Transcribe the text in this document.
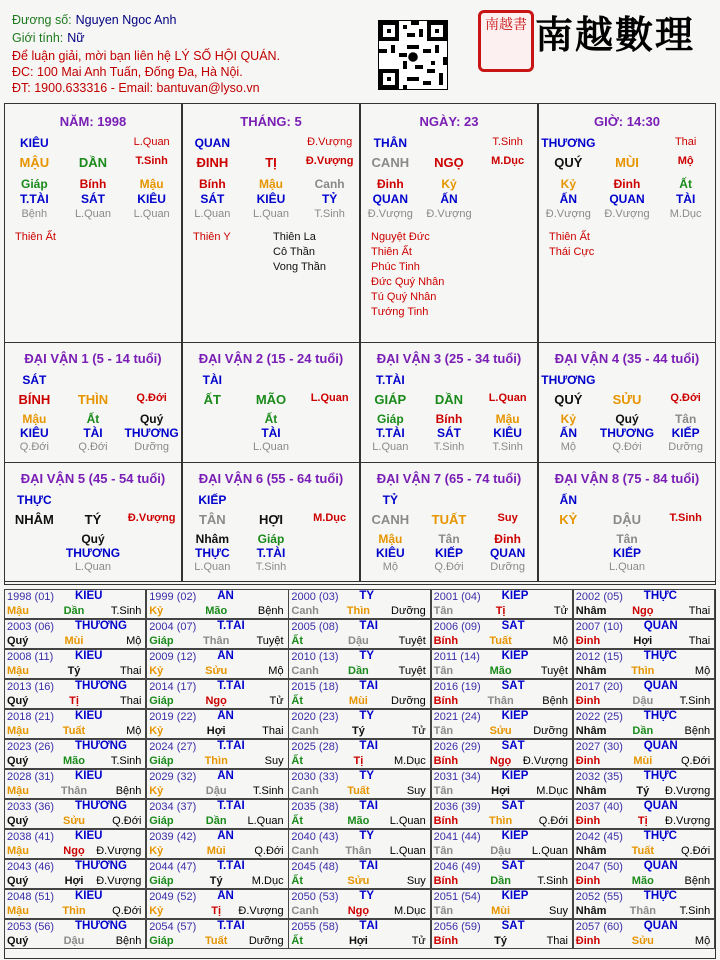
Đương số: Nguyen Ngoc Anh
Giới tính: Nữ
Để luận giải, mời bạn liên hệ LÝ SỐ HỘI QUÁN.
ĐC: 100 Mai Anh Tuấn, Đống Đa, Hà Nội.
ĐT: 1900.633316 - Email: bantuvan@lyso.vn
南越書 南越數理
NĂM: 1998
KIÊU	L.Quan
MẬU	DẦN	T.Sinh
Giáp	Bính	Mậu
T.TÀI	SÁT	KIÊU
Bệnh	L.Quan	L.Quan
Thiên Ất
THÁNG: 5
QUAN	Đ.Vượng
ĐINH	TỊ	Đ.Vượng
Bính	Mậu	Canh
SÁT	KIÊU	TỶ
L.Quan	L.Quan	T.Sinh
Thiên Y	Thiên La
Cô Thần
Vong Thần
NGÀY: 23
THÂN	T.Sinh
CANH	NGỌ	M.Dục
Đinh	Kỷ
QUAN	ẤN
Đ.Vượng	Đ.Vượng
Nguyệt Đức
Thiên Ất
Phúc Tinh
Đức Quý Nhân
Tú Quý Nhân
Tướng Tinh
GIỜ: 14:30
THƯƠNG	Thai
QUÝ	MÙI	Mộ
Kỷ	Đinh	Ất
ẤN	QUAN	TÀI
Đ.Vượng	Đ.Vượng	M.Dục
Thiên Ất
Thái Cực
ĐẠI VẬN 1 (5 - 14 tuổi)
SÁT
BÍNH	THÌN	Q.Đới
Mậu	Ất	Quý
KIÊU	TÀI	THƯƠNG
Q.Đới	Q.Đới	Dưỡng
ĐẠI VẬN 2 (15 - 24 tuổi)
TÀI
ẤT	MÃO	L.Quan
Ất
TÀI
L.Quan
ĐẠI VẬN 3 (25 - 34 tuổi)
T.TÀI
GIÁP	DẦN	L.Quan
Giáp	Bính	Mậu
T.TÀI	SÁT	KIÊU
L.Quan	T.Sinh	T.Sinh
ĐẠI VẬN 4 (35 - 44 tuổi)
THƯƠNG
QUÝ	SỬU	Q.Đới
Kỷ	Quý	Tân
ẤN	THƯƠNG	KIẾP
Mộ	Q.Đới	Dưỡng
ĐẠI VẬN 5 (45 - 54 tuổi)
THỰC
NHÂM	TÝ	Đ.Vượng
Quý
THƯƠNG
L.Quan
ĐẠI VẬN 6 (55 - 64 tuổi)
KIẾP
TÂN	HỢI	M.Dục
Nhâm	Giáp
THỰC	T.TÀI
L.Quan	T.Sinh
ĐẠI VẬN 7 (65 - 74 tuổi)
TỶ
CANH	TUẤT	Suy
Mậu	Tân	Đinh
KIÊU	KIẾP	QUAN
Mộ	Q.Đới	Dưỡng
ĐẠI VẬN 8 (75 - 84 tuổi)
ẤN
KỶ	DẬU	T.Sinh
Tân
KIẾP
L.Quan
1998 (01) KIÊU
Mậu	Dần	T.Sinh
1999 (02) ẤN
Kỷ	Mão	Bệnh
2000 (03) TỶ
Canh	Thìn	Dưỡng
2001 (04) KIẾP
Tân	Tị	Tử
2002 (05) THỰC
Nhâm	Ngọ	Thai
2003 (06) THƯƠNG
Quý	Mùi	Mộ
2004 (07) T.TÀI
Giáp	Thân	Tuyệt
2005 (08) TÀI
Ất	Dậu	Tuyệt
2006 (09) SÁT
Bính	Tuất	Mộ
2007 (10) QUAN
Đinh	Hợi	Thai
2008 (11) KIÊU
Mậu	Tý	Thai
2009 (12) ẤN
Kỷ	Sửu	Mộ
2010 (13) TỶ
Canh	Dần	Tuyệt
2011 (14) KIẾP
Tân	Mão	Tuyệt
2012 (15) THỰC
Nhâm	Thìn	Mộ
2013 (16) THƯƠNG
Quý	Tị	Thai
2014 (17) T.TÀI
Giáp	Ngọ	Tử
2015 (18) TÀI
Ất	Mùi	Dưỡng
2016 (19) SÁT
Bính	Thân	Bệnh
2017 (20) QUAN
Đinh	Dậu	T.Sinh
2018 (21) KIÊU
Mậu	Tuất	Mộ
2019 (22) ẤN
Kỷ	Hợi	Thai
2020 (23) TỶ
Canh	Tý	Tử
2021 (24) KIẾP
Tân	Sửu	Dưỡng
2022 (25) THỰC
Nhâm	Dần	Bệnh
2023 (26) THƯƠNG
Quý	Mão	T.Sinh
2024 (27) T.TÀI
Giáp	Thìn	Suy
2025 (28) TÀI
Ất	Tị	M.Dục
2026 (29) SÁT
Bính	Ngọ	Đ.Vượng
2027 (30) QUAN
Đinh	Mùi	Q.Đới
2028 (31) KIÊU
Mậu	Thân	Bệnh
2029 (32) ẤN
Kỷ	Dậu	T.Sinh
2030 (33) TỶ
Canh	Tuất	Suy
2031 (34) KIẾP
Tân	Hợi	M.Dục
2032 (35) THỰC
Nhâm	Tý	Đ.Vượng
2033 (36) THƯƠNG
Quý	Sửu	Q.Đới
2034 (37) T.TÀI
Giáp	Dần	L.Quan
2035 (38) TÀI
Ất	Mão	L.Quan
2036 (39) SÁT
Bính	Thìn	Q.Đới
2037 (40) QUAN
Đinh	Tị	Đ.Vượng
2038 (41) KIÊU
Mậu	Ngọ	Đ.Vượng
2039 (42) ẤN
Kỷ	Mùi	Q.Đới
2040 (43) TỶ
Canh	Thân	L.Quan
2041 (44) KIẾP
Tân	Dậu	L.Quan
2042 (45) THỰC
Nhâm	Tuất	Q.Đới
2043 (46) THƯƠNG
Quý	Hợi	Đ.Vượng
2044 (47) T.TÀI
Giáp	Tý	M.Dục
2045 (48) TÀI
Ất	Sửu	Suy
2046 (49) SÁT
Bính	Dần	T.Sinh
2047 (50) QUAN
Đinh	Mão	Bệnh
2048 (51) KIÊU
Mậu	Thìn	Q.Đới
2049 (52) ẤN
Kỷ	Tị	Đ.Vượng
2050 (53) TỶ
Canh	Ngọ	M.Dục
2051 (54) KIẾP
Tân	Mùi	Suy
2052 (55) THỰC
Nhâm	Thân	T.Sinh
2053 (56) THƯƠNG
Quý	Dậu	Bệnh
2054 (57) T.TÀI
Giáp	Tuất	Dưỡng
2055 (58) TÀI
Ất	Hợi	Tử
2056 (59) SÁT
Bính	Tý	Thai
2057 (60) QUAN
Đinh	Sửu	Mộ
